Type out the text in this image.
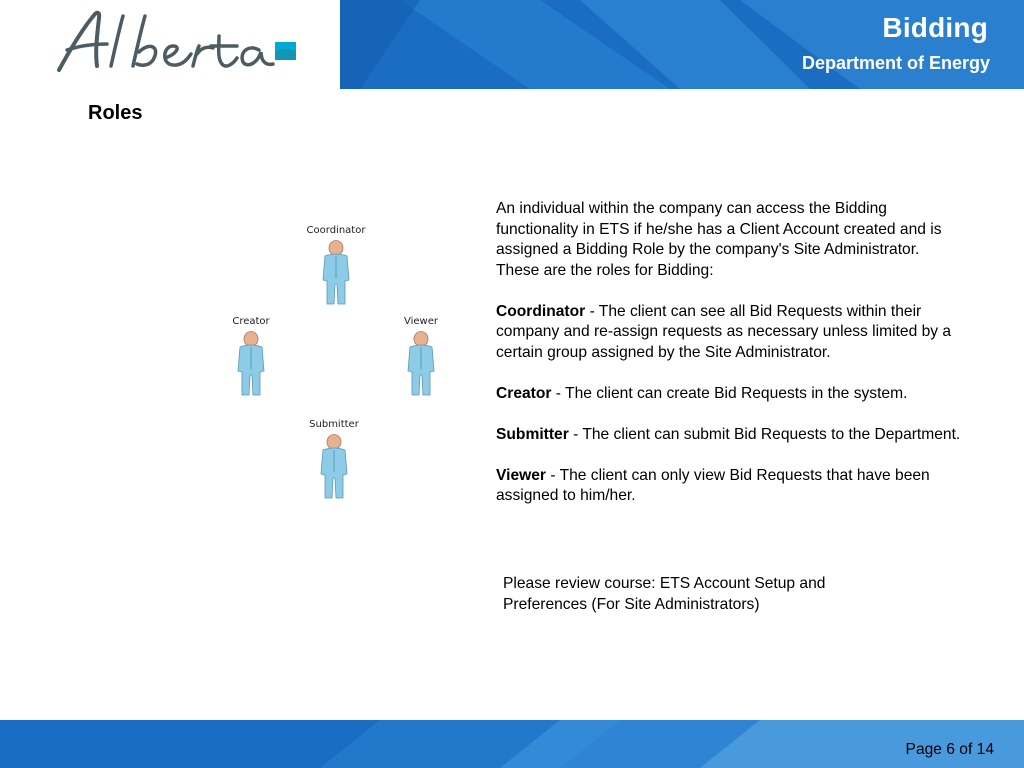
Bidding
Department of Energy
Roles
Coordinator
Creator	Viewer
Submitter

An individual within the company can access the Bidding functionality in ETS if he/she has a Client Account created and is assigned a Bidding Role by the company's Site Administrator. These are the roles for Bidding:

Coordinator - The client can see all Bid Requests within their company and re-assign requests as necessary unless limited by a certain group assigned by the Site Administrator.

Creator - The client can create Bid Requests in the system.

Submitter - The client can submit Bid Requests to the Department.

Viewer - The client can only view Bid Requests that have been assigned to him/her.

Please review course: ETS Account Setup and Preferences (For Site Administrators)
Page 6 of 14
